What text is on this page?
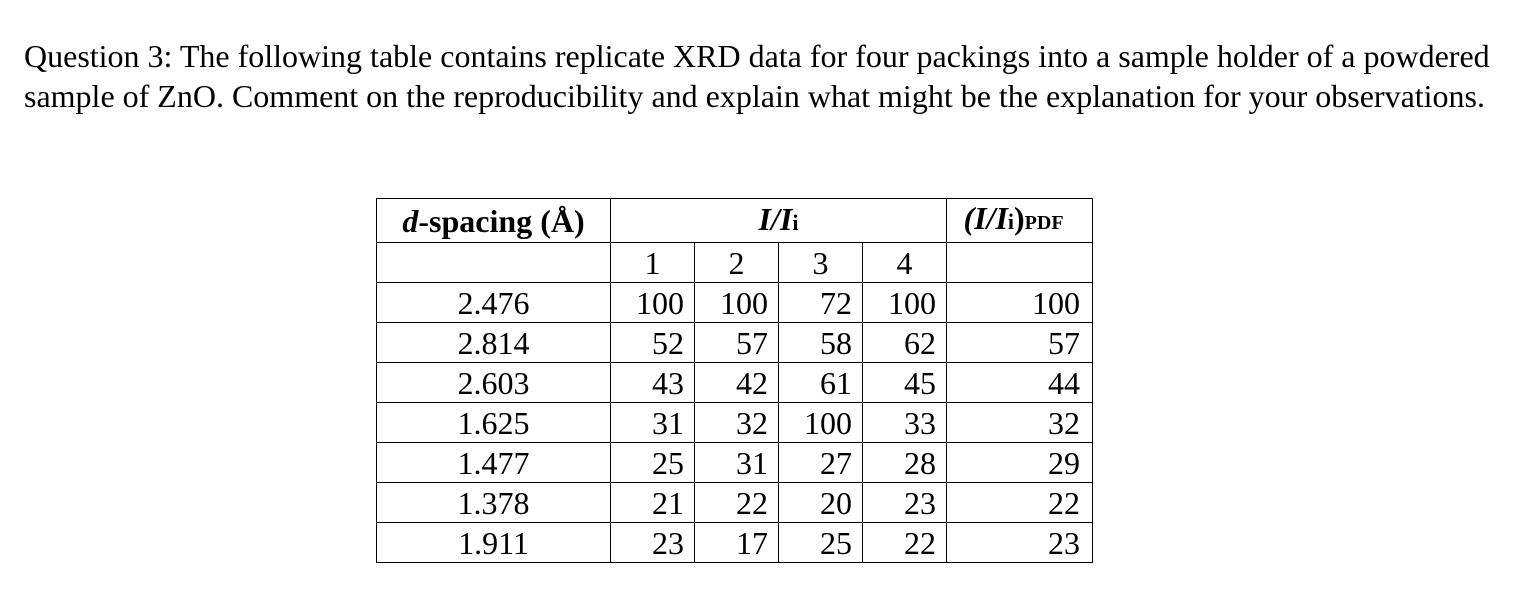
Question 3: The following table contains replicate XRD data for four packings into a sample holder of a powdered sample of ZnO. Comment on the reproducibility and explain what might be the explanation for your observations.

d-spacing (Å)	I/Ii				(I/Ii)PDF
	1	2	3	4	
2.476	100	100	72	100	100
2.814	52	57	58	62	57
2.603	43	42	61	45	44
1.625	31	32	100	33	32
1.477	25	31	27	28	29
1.378	21	22	20	23	22
1.911	23	17	25	22	23
